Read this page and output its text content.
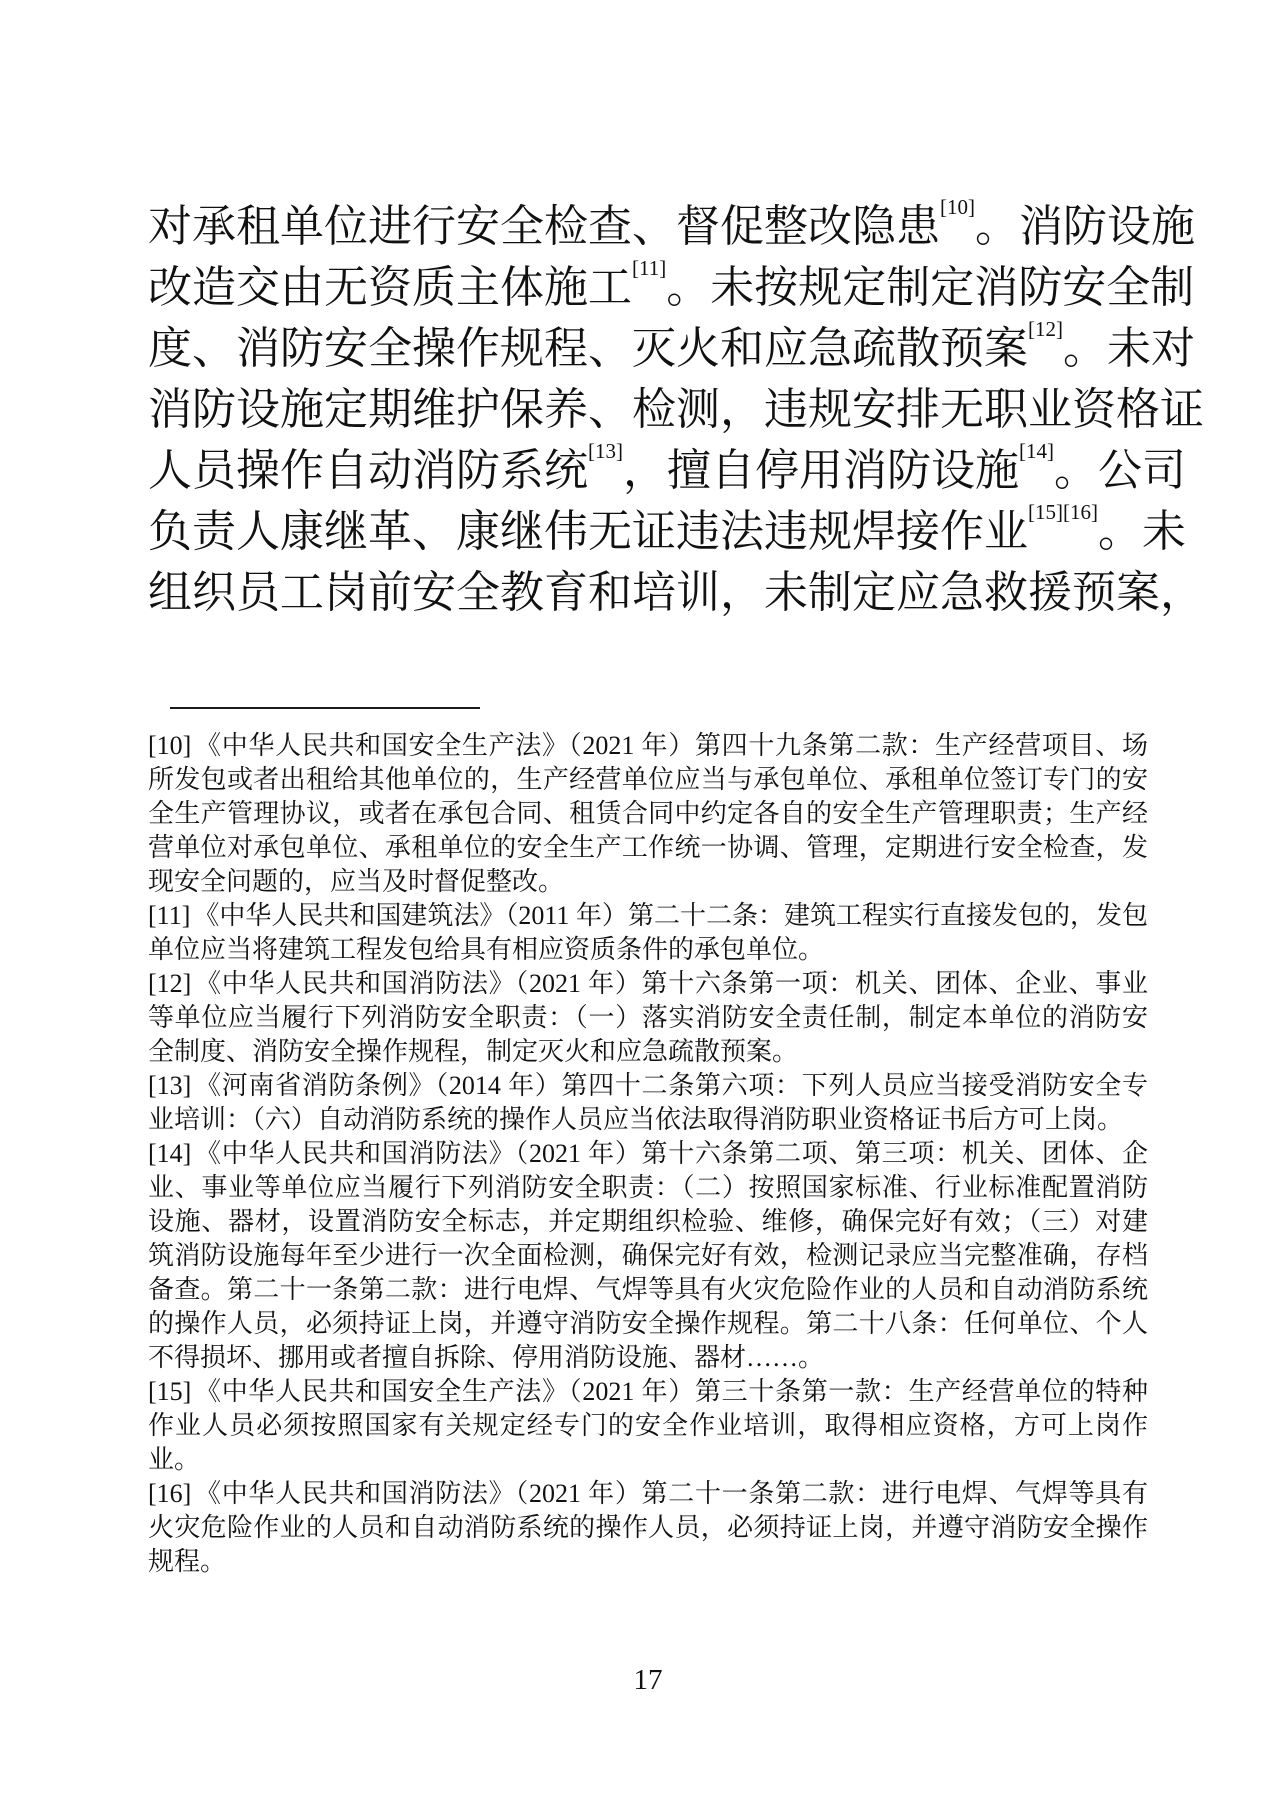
对 承 租 单 位 进 行 安 全 检 查 、 督 促 整 改 隐 患 [10] 。 消 防 设 施
改 造 交 由 无 资 质 主 体 施 工 [11] 。 未 按 规 定 制 定 消 防 安 全 制
度 、 消 防 安 全 操 作 规 程 、 灭 火 和 应 急 疏 散 预 案 [12] 。 未 对
消 防 设 施 定 期 维 护 保 养 、 检 测 ， 违 规 安 排 无 职 业 资 格 证
人 员 操 作 自 动 消 防 系 统 [13] ， 擅 自 停 用 消 防 设 施 [14] 。 公 司
负 责 人 康 继 革 、 康 继 伟 无 证 违 法 违 规 焊 接 作 业 [15][16] 。 未
组 织 员 工 岗 前 安 全 教 育 和 培 训 ， 未 制 定 应 急 救 援 预 案 ，

[10] 《中华人民共和国安全生产法》（2021 年）第四十九条第二款：生产经营项目、场所发包或者出租给其他单位的，生产经营单位应当与承包单位、承租单位签订专门的安全生产管理协议，或者在承包合同、租赁合同中约定各自的安全生产管理职责；生产经营单位对承包单位、承租单位的安全生产工作统一协调、管理，定期进行安全检查，发现安全问题的，应当及时督促整改。

[11] 《中华人民共和国建筑法》（2011 年）第二十二条：建筑工程实行直接发包的，发包单位应当将建筑工程发包给具有相应资质条件的承包单位。

[12] 《中华人民共和国消防法》（2021 年）第十六条第一项：机关、团体、企业、事业等单位应当履行下列消防安全职责：（一）落实消防安全责任制，制定本单位的消防安全制度、消防安全操作规程，制定灭火和应急疏散预案。

[13] 《河南省消防条例》（2014 年）第四十二条第六项：下列人员应当接受消防安全专业培训：（六）自动消防系统的操作人员应当依法取得消防职业资格证书后方可上岗。

[14] 《中华人民共和国消防法》（2021 年）第十六条第二项、第三项：机关、团体、企业、事业等单位应当履行下列消防安全职责：（二）按照国家标准、行业标准配置消防设施、器材，设置消防安全标志，并定期组织检验、维修，确保完好有效；（三）对建筑消防设施每年至少进行一次全面检测，确保完好有效，检测记录应当完整准确，存档备查。第二十一条第二款：进行电焊、气焊等具有火灾危险作业的人员和自动消防系统的操作人员，必须持证上岗，并遵守消防安全操作规程。第二十八条：任何单位、个人不得损坏、挪用或者擅自拆除、停用消防设施、器材……。

[15] 《中华人民共和国安全生产法》（2021 年）第三十条第一款：生产经营单位的特种作业人员必须按照国家有关规定经专门的安全作业培训，取得相应资格，方可上岗作业。

[16] 《中华人民共和国消防法》（2021 年）第二十一条第二款：进行电焊、气焊等具有火灾危险作业的人员和自动消防系统的操作人员，必须持证上岗，并遵守消防安全操作规程。

17
